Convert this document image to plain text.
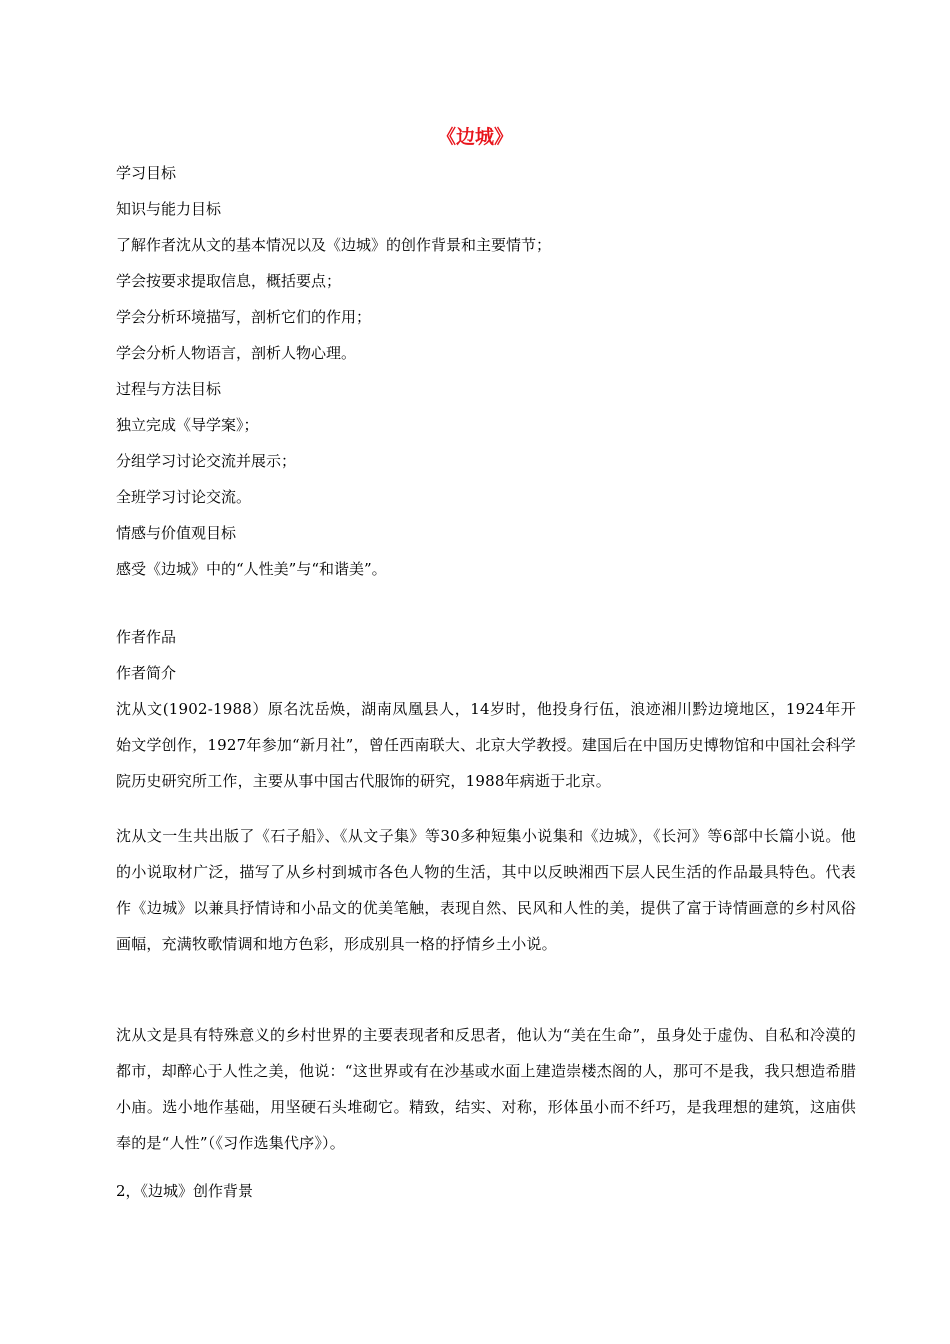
《边城》

学习目标

知识与能力目标

了解作者沈从文的基本情况以及《边城》的创作背景和主要情节；

学会按要求提取信息，概括要点；

学会分析环境描写，剖析它们的作用；

学会分析人物语言，剖析人物心理。

过程与方法目标

独立完成《导学案》；

分组学习讨论交流并展示；

全班学习讨论交流。

情感与价值观目标

感受《边城》中的“人性美”与“和谐美”。

作者作品

作者简介

沈从文(1902-1988）原名沈岳焕，湖南凤凰县人，14岁时，他投身行伍，浪迹湘川黔边境地区，1924年开始文学创作，1927年参加“新月社”，曾任西南联大、北京大学教授。建国后在中国历史博物馆和中国社会科学院历史研究所工作，主要从事中国古代服饰的研究，1988年病逝于北京。

沈从文一生共出版了《石子船》、《从文子集》等30多种短集小说集和《边城》，《长河》等6部中长篇小说。他的小说取材广泛，描写了从乡村到城市各色人物的生活，其中以反映湘西下层人民生活的作品最具特色。代表作《边城》以兼具抒情诗和小品文的优美笔触，表现自然、民风和人性的美，提供了富于诗情画意的乡村风俗画幅，充满牧歌情调和地方色彩，形成别具一格的抒情乡土小说。

沈从文是具有特殊意义的乡村世界的主要表现者和反思者，他认为“美在生命”，虽身处于虚伪、自私和冷漠的都市，却醉心于人性之美，他说：“这世界或有在沙基或水面上建造崇楼杰阁的人，那可不是我，我只想造希腊小庙。选小地作基础，用坚硬石头堆砌它。精致，结实、对称，形体虽小而不纤巧，是我理想的建筑，这庙供奉的是“人性”（《习作选集代序》）。

2，《边城》创作背景
